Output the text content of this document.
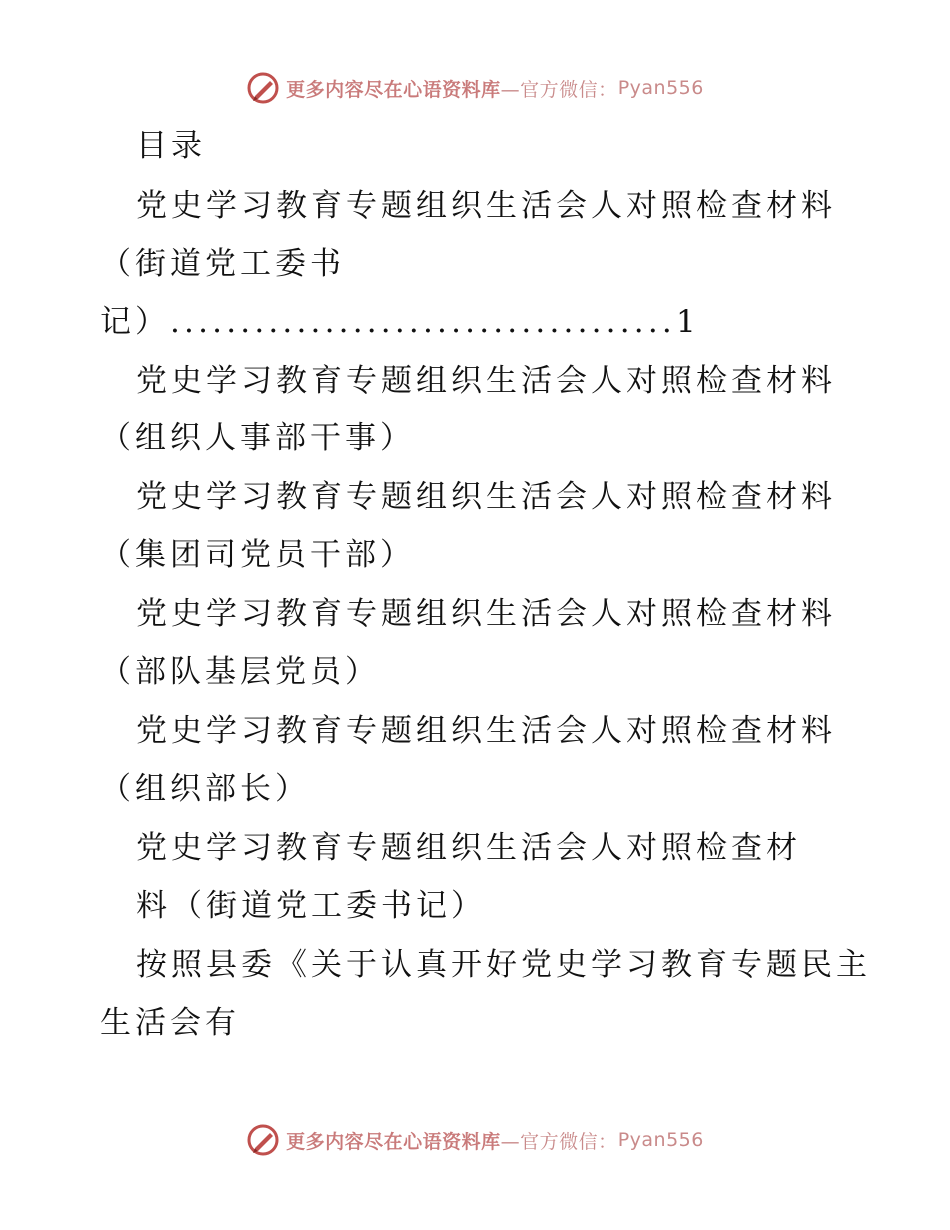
更多内容尽在心语资料库 —官方微信： Pyan556
目录
党史学习教育专题组织生活会人对照检查材料
（街道党工委书
记）....................................1
党史学习教育专题组织生活会人对照检查材料
（组织人事部干事）
党史学习教育专题组织生活会人对照检查材料
（集团司党员干部）
党史学习教育专题组织生活会人对照检查材料
（部队基层党员）
党史学习教育专题组织生活会人对照检查材料
（组织部长）
党史学习教育专题组织生活会人对照检查材
料（街道党工委书记）
按照县委《关于认真开好党史学习教育专题民主
生活会有
更多内容尽在心语资料库 —官方微信： Pyan556
